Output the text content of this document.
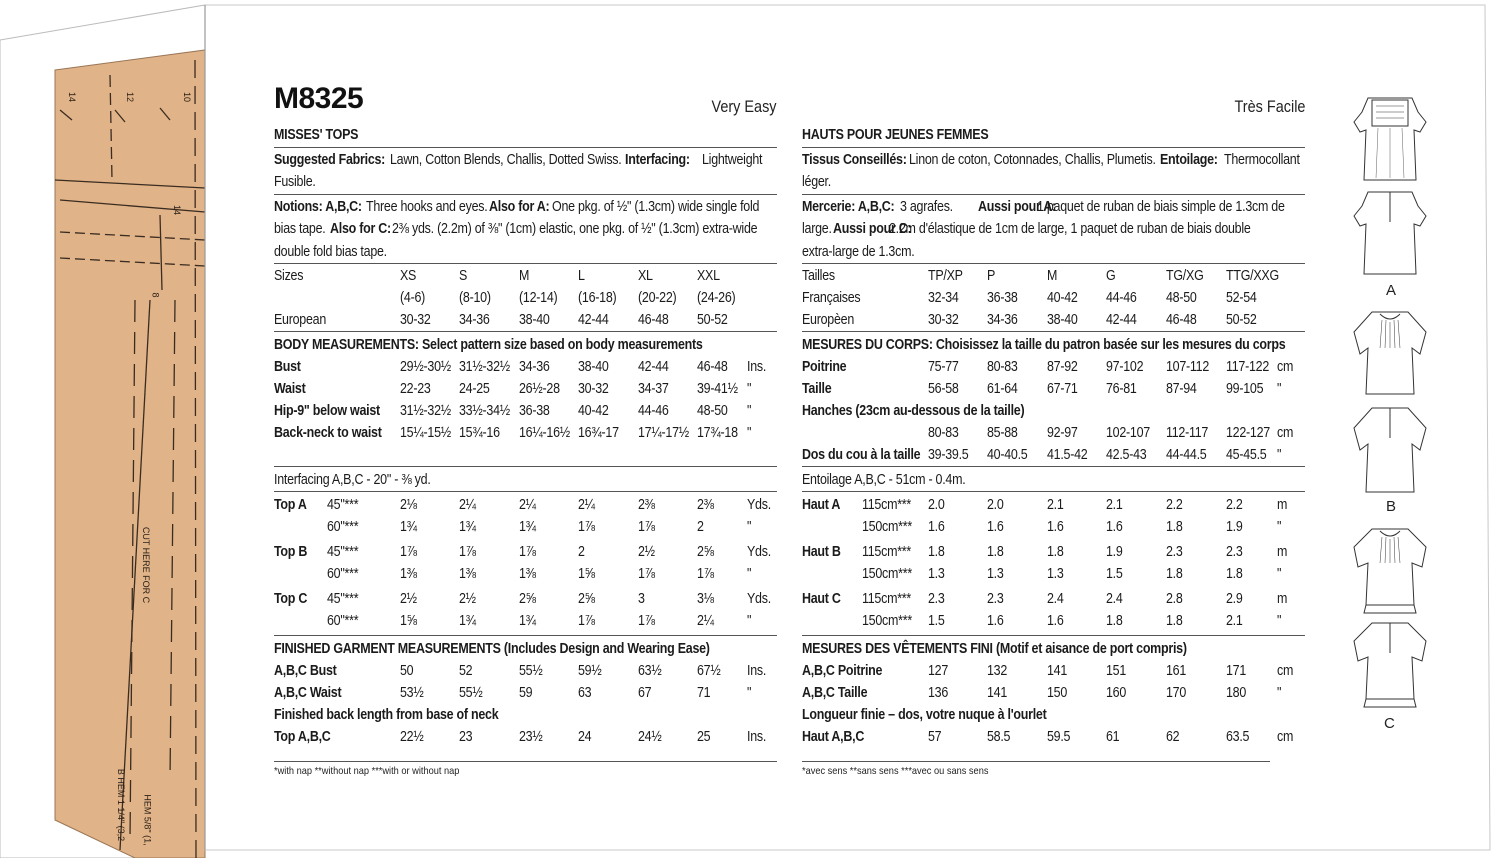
14	12	10
14
8
CUT HERE FOR C
B HEM 1 1/4" (3,2 HEM 5/8" (1,
M8325	Very Easy	Très Facile
MISSES' TOPS
Suggested Fabrics: Lawn, Cotton Blends, Challis, Dotted Swiss. Interfacing: Lightweight
Fusible.
Notions: A,B,C: Three hooks and eyes. Also for A: One pkg. of ½" (1.3cm) wide single fold
bias tape. Also for C: 2⅜ yds. (2.2m) of ⅜" (1cm) elastic, one pkg. of ½" (1.3cm) extra-wide
double fold bias tape.
Sizes	XS	S	M	L	XL	XXL
(4-6) (8-10) (12-14) (16-18) (20-22) (24-26)
European	30-32 34-36 38-40 42-44 46-48 50-52
BODY MEASUREMENTS: Select pattern size based on body measurements
Bust	29½-30½ 31½-32½ 34-36 38-40 42-44 46-48 Ins.
Waist	22-23 24-25 26½-28 30-32 34-37 39-41½ "
Hip-9" below waist 31½-32½ 33½-34½ 36-38 40-42 44-46 48-50 "
Back-neck to waist 15¼-15½ 15¾-16 16¼-16½ 16¾-17 17¼-17½ 17¾-18 "
Interfacing A,B,C - 20" - ⅜ yd.
Top A 45"***	2⅛	2¼	2¼	2¼	2⅜	2⅜ Yds.
60"***	1¾	1¾	1¾	1⅞	1⅞	2	"
Top B 45"***	1⅞	1⅞	1⅞	2	2½	2⅝ Yds.
60"***	1⅜	1⅜	1⅜	1⅝	1⅞	1⅞ "
Top C 45"***	2½	2½	2⅝	2⅝	3	3⅛ Yds.
60"***	1⅝	1¾	1¾	1⅞	1⅞	2¼ "
FINISHED GARMENT MEASUREMENTS (Includes Design and Wearing Ease)
A,B,C Bust	50	52	55½ 59½	63½ 67½ Ins.
A,B,C Waist	53½ 55½	59	63	67	71	"
Finished back length from base of neck
Top A,B,C	22½ 23	23½ 24	24½ 25	Ins.
*with nap **without nap ***with or without nap
HAUTS POUR JEUNES FEMMES
Tissus Conseillés: Linon de coton, Cotonnades, Challis, Plumetis. Entoilage: Thermocollant
léger.
Mercerie: A,B,C: 3 agrafes. Aussi pour A:
1 paquet de ruban de biais simple de 1.3cm de
large. Aussi pour C:
2.2m d'élastique de 1cm de large, 1 paquet de ruban de biais double
extra-large de 1.3cm.
Tailles	TP/XP P	M	G	TG/XG TTG/XXG
Françaises	32-34 36-38 40-42 44-46 48-50 52-54
Europèen	30-32 34-36 38-40 42-44 46-48 50-52
MESURES DU CORPS: Choisissez la taille du patron basée sur les mesures du corps
Poitrine	75-77 80-83 87-92 97-102 107-112 117-122 cm
Taille	56-58 61-64 67-71 76-81 87-94 99-105 "
Hanches (23cm au-dessous de la taille)
80-83 85-88 92-97 102-107 112-117 122-127 cm
Dos du cou à la taille 39-39.5 40-40.5 41.5-42 42.5-43 44-44.5 45-45.5 "
Entoilage A,B,C - 51cm - 0.4m.
Haut A 115cm*** 2.0	2.0	2.1	2.1	2.2	2.2 m
150cm*** 1.6	1.6	1.6	1.6	1.8	1.9 "
Haut B 115cm*** 1.8	1.8	1.8	1.9	2.3	2.3 m
150cm*** 1.3	1.3	1.3	1.5	1.8	1.8 "
Haut C 115cm*** 2.3	2.3	2.4	2.4	2.8	2.9 m
150cm*** 1.5	1.6	1.6	1.8	1.8	2.1 "
MESURES DES VÊTEMENTS FINI (Motif et aisance de port compris)
A,B,C Poitrine	127	132	141	151	161	171 cm
A,B,C Taille	136	141	150	160	170	180 "
Longueur finie – dos, votre nuque à l'ourlet
Haut A,B,C	57	58.5	59.5 61	62	63.5 cm
*avec sens **sans sens ***avec ou sans sens
A
B
C
